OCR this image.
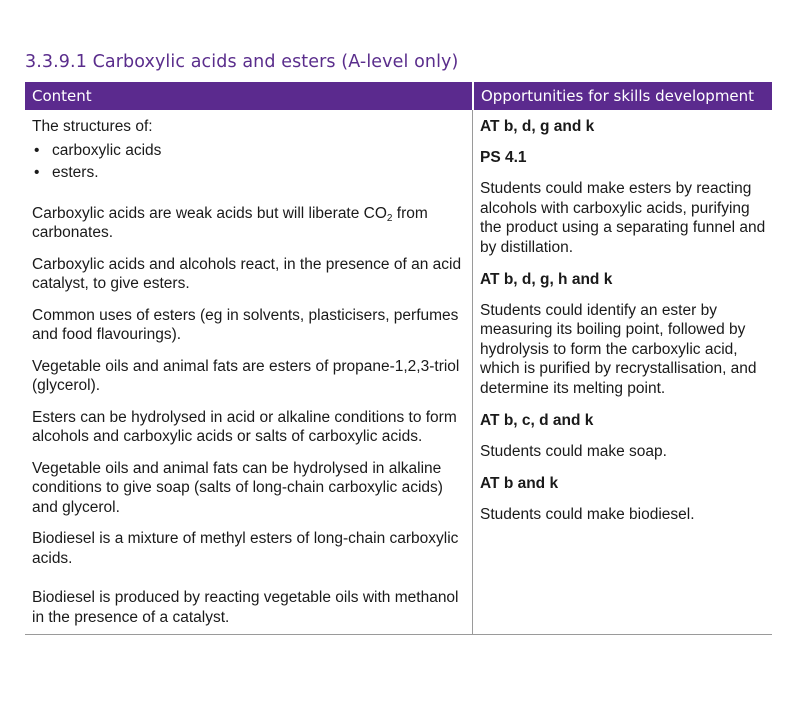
3.3.9.1 Carboxylic acids and esters (A-level only)
Content	Opportunities for skills development

The structures of:

• carboxylic acids
• esters.

Carboxylic acids are weak acids but will liberate $CO_2$ from carbonates.

Carboxylic acids and alcohols react, in the presence of an acid catalyst, to give esters.

Common uses of esters (eg in solvents, plasticisers, perfumes and food flavourings).

Vegetable oils and animal fats are esters of propane-1,2,3-triol (glycerol).

Esters can be hydrolysed in acid or alkaline conditions to form alcohols and carboxylic acids or salts of carboxylic acids.

Vegetable oils and animal fats can be hydrolysed in alkaline conditions to give soap (salts of long-chain carboxylic acids) and glycerol.

Biodiesel is a mixture of methyl esters of long-chain carboxylic acids.

Biodiesel is produced by reacting vegetable oils with methanol in the presence of a catalyst.

AT b, d, g and k

PS 4.1

Students could make esters by reacting alcohols with carboxylic acids, purifying the product using a separating funnel and by distillation.

AT b, d, g, h and k

Students could identify an ester by measuring its boiling point, followed by hydrolysis to form the carboxylic acid, which is purified by recrystallisation, and determine its melting point.

AT b, c, d and k

Students could make soap.

AT b and k

Students could make biodiesel.
